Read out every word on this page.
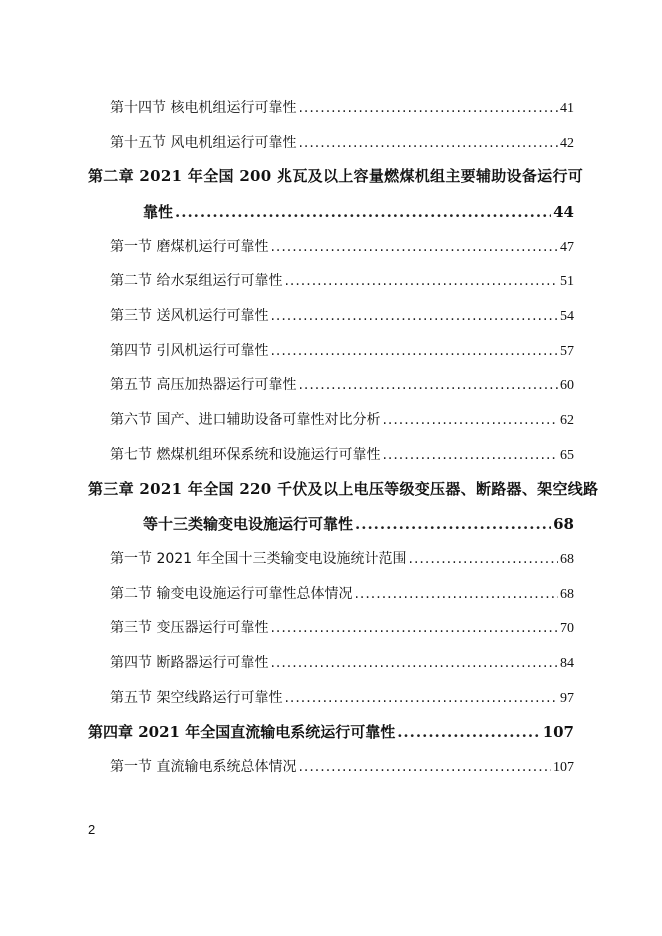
第十四节 核电机组运行可靠性 .....	41
第十五节 风电机组运行可靠性 .....	42
第二章 2021 年全国 200 兆瓦及以上容量燃煤机组主要辅助设备运行可
靠性 .....	44
第一节 磨煤机运行可靠性 .....	47
第二节 给水泵组运行可靠性 .....	51
第三节 送风机运行可靠性 .....	54
第四节 引风机运行可靠性 .....	57
第五节 高压加热器运行可靠性 .....	60
第六节 国产、进口辅助设备可靠性对比分析 .....	62
第七节 燃煤机组环保系统和设施运行可靠性 .....	65
第三章 2021 年全国 220 千伏及以上电压等级变压器、断路器、架空线路
等十三类输变电设施运行可靠性 .....	68
第一节 2021 年全国十三类输变电设施统计范围 .....	68
第二节 输变电设施运行可靠性总体情况 .....	68
第三节 变压器运行可靠性 .....	70
第四节 断路器运行可靠性 .....	84
第五节 架空线路运行可靠性 .....	97
第四章 2021 年全国直流输电系统运行可靠性 .....	107
第一节 直流输电系统总体情况 .....	107
2
